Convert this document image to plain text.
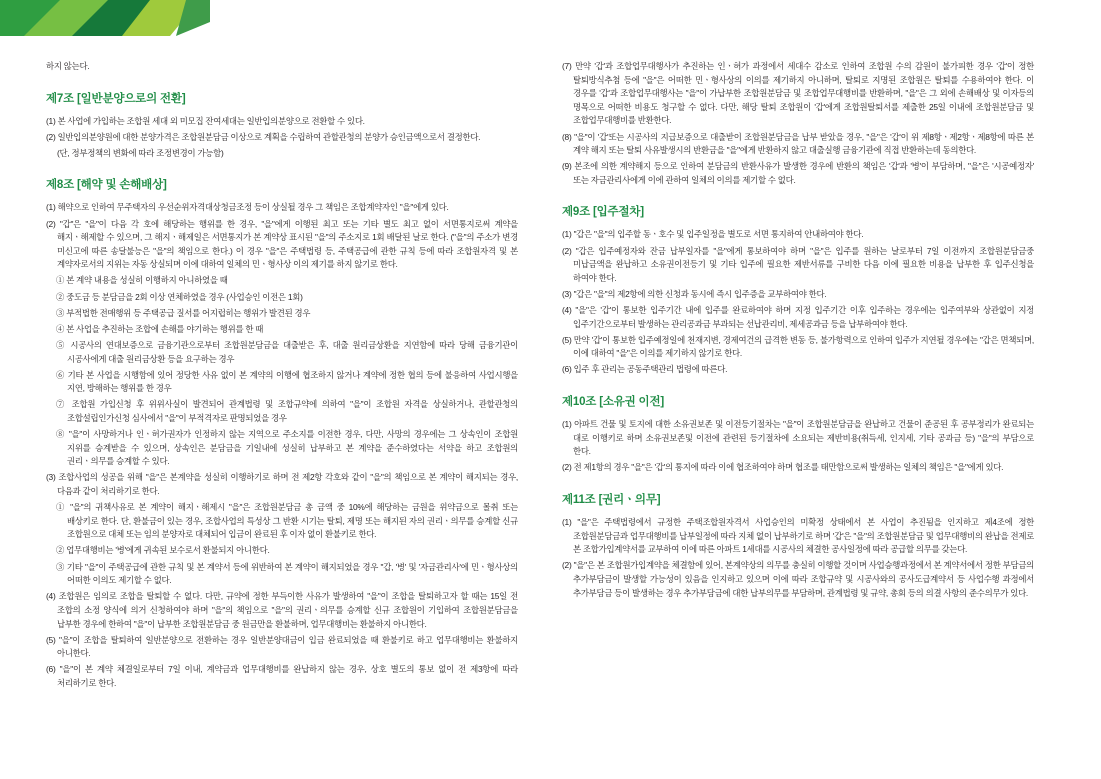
하지 않는다.

제7조 [일반분양으로의 전환]

(1) 본 사업에 가입하는 조합원 세대 외 미모집 잔여세대는 일반입의분양으로 전환할 수 있다.

(2) 일반입의분양원에 대한 분양가격은 조합원분담금 이상으로 계획을 수립하여 관할관청의 분양가 승인금액으로서 결정한다.

(단, 정부정책의 변화에 따라 조정변경이 가능함)

제8조 [해약 및 손해배상]

(1) 해약으로 인하여 무주택자의 우선순위자격대상청금조정 등이 상실될 경우 그 책임은 조합계약자인 "을"에게 있다.

(2) "갑"은 "을"이 다음 각 호에 해당하는 행위를 한 경우, "을"에게 이행된 최고 또는 기타 별도 최고 없이 서면통지로써 계약을 해지ㆍ해제할 수 있으며, 그 해지ㆍ해제일은 서면통지가 본 계약상 표시된 "을"의 주소지로 1회 배달된 날로 한다. ("을"의 주소가 변경 미신고에 따른 송달불능은 "을"의 책임으로 한다.) 이 경우 "을"은 주택법령 등, 주택공급에 관한 규칙 등에 따라 조합원자격 및 본 계약자로서의 지위는 자동 상실되며 이에 대하여 일체의 민ㆍ형사상 이의 제기를 하지 않기로 한다.

① 본 계약 내용을 성실히 이행하지 아니하였을 때

② 중도금 등 분담금을 2회 이상 연체하였을 경우 (사업승인 이전은 1회)

③ 부적법한 전매행위 등 주택공급 질서를 어지럽히는 행위가 발견된 경우

④ 본 사업을 추진하는 조합에 손해를 야기하는 행위를 한 때

⑤ 시공사의 연대보증으로 금융기관으로부터 조합원분담금을 대출받은 후, 대출 원리금상환을 지연함에 따라 당해 금융기관이 시공사에게 대출 원리금상환 등을 요구하는 경우

⑥ 기타 본 사업을 시행함에 있어 정당한 사유 없이 본 계약의 이행에 협조하지 않거나 계약에 정한 협의 등에 불응하여 사업시행을 지연, 방해하는 행위를 한 경우

⑦ 조합원 가입신청 후 위위사실이 발견되어 관계법령 및 조합규약에 의하여 "을"이 조합원 자격을 상실하거나, 관할관청의 조합설립인가신청 심사에서 "을"이 부적격자로 판명되었을 경우

⑧ "을"이 사망하거나 인ㆍ허가권자가 인정하지 않는 지역으로 주소지를 이전한 경우, 다만, 사망의 경우에는 그 상속인이 조합원 지위를 승계받을 수 있으며, 상속인은 분담금을 기일내에 성실히 납부하고 본 계약을 준수하였다는 서약을 하고 조합원의 권리ㆍ의무를 승계할 수 있다.

(3) 조합사업의 성공을 위해 "을"은 본계약을 성실히 이행하기로 하며 전 제2항 각호와 같이 "을"의 책임으로 본 계약이 해지되는 경우, 다음과 같이 처리하기로 한다.

① "을"의 귀책사유로 본 계약이 해지ㆍ해제시 "을"은 조합원분담금 총 금액 중 10%에 해당하는 금원을 위약금으로 몰취 또는 배상키로 한다. 단, 환불금이 있는 경우, 조합사업의 특성상 그 반환 시기는 탈퇴, 제명 또는 해지된 자의 권리ㆍ의무를 승계할 신규 조합원으로 대체 또는 임의 분양자로 대체되어 입금이 완료된 후 이자 없이 환불키로 한다.

② 업무대행비는 '병'에게 귀속된 보수로서 환불되지 아니한다.

③ 기타 "을"이 주택공급에 관한 규칙 및 본 계약서 등에 위반하여 본 계약이 해지되었을 경우 "갑, '병' 및 '자금관리사'에 민ㆍ형사상의 어떠한 이의도 제기할 수 없다.

(4) 조합원은 임의로 조합을 탈퇴할 수 없다. 다만, 규약에 정한 부득이한 사유가 발생하여 "을"이 조합을 탈퇴하고자 할 때는 15일 전 조합의 소정 양식에 의거 신청하여야 하며 "을"의 책임으로 "을"의 권리ㆍ의무를 승계할 신규 조합원이 기입하여 조합원분담금을 납부한 경우에 한하여 "을"이 납부한 조합원분담금 중 원금만을 환불하며, 업무대행비는 환불하지 아니한다.

(5) "을"이 조합을 탈퇴하여 일반분양으로 전환하는 경우 일반분양대금이 입금 완료되었을 때 환불키로 하고 업무대행비는 환불하지 아니한다.

(6) "을"이 본 계약 체결일로부터 7일 이내, 계약금과 업무대행비를 완납하지 않는 경우, 상호 별도의 통보 없이 전 제3항에 따라 처리하기로 한다.

(7) 만약 '갑'과 조합업무대행사가 추진하는 인ㆍ허가 과정에서 세대수 감소로 인하여 조합원 수의 감원이 불가피한 경우 '갑'이 정한 탈퇴방식추첨 등에 "을"은 어떠한 민ㆍ형사상의 이의를 제기하지 아니하며, 탈퇴로 지명된 조합원은 탈퇴를 수용하여야 한다. 이 경우를 '갑'과 조합업무대행사는 "을"이 가납부한 조합원분담금 및 조합업무대행비를 반환하며, "을"은 그 외에 손해배상 및 이자등의 명목으로 어떠한 비용도 청구할 수 없다. 다만, 해당 탈퇴 조합원이 '갑'에게 조합원탈퇴서를 제출한 25일 이내에 조합원분담금 및 조합업무대행비를 반환한다.

(8) "을"이 '갑'또는 시공사의 지급보증으로 대출받이 조합원분담금을 납부 받았을 경우, "을"은 '갑'이 위 제8항ㆍ제2항ㆍ제8항에 따른 본 계약 해지 또는 탈퇴 사유발생시의 반환금을 "을"에게 반환하지 않고 대출실행 금융기관에 직접 반환하는데 동의한다.

(9) 본조에 의한 계약해지 등으로 인하여 분담금의 반환사유가 발생한 경우에 반환의 책임은 '갑'과 '병'이 부담하며, "을"은 '시공예정자' 또는 자금관리사에게 이에 관하여 일체의 이의를 제기할 수 없다.

제9조 [입주절차]

(1) "갑은 "을"의 입주할 동ㆍ호수 및 입주일정을 별도로 서면 통지하여 안내하여야 한다.

(2) "갑은 입주예정자와 잔금 납부일자를 "을"에게 통보하여야 하며 "을"은 입주를 원하는 날로부터 7일 이전까지 조합원분담금중 미납금액을 완납하고 소유권이전등기 및 기타 입주에 필요한 제반서류를 구비한 다음 이에 필요한 비용을 납부한 후 입주신청을 하여야 한다.

(3) "갑은 "을"의 제2항에 의한 신청과 동시에 즉시 입주증을 교부하여야 한다.

(4) "을"은 '갑'이 통보한 입주기간 내에 입주를 완료하여야 하며 지정 입주기간 이후 입주하는 경우에는 입주여부와 상관없이 지정 입주기간으로부터 발생하는 관리공과금 부과되는 선납관리비, 제세공과금 등을 납부하여야 한다.

(5) 만약 '갑'이 통보한 입주예정일에 천재지변, 경제여건의 급격한 변동 등, 불가항력으로 인하여 입주가 지연될 경우에는 "갑은 면책되며, 이에 대하여 "을"은 이의를 제기하지 않기로 한다.

(6) 입주 후 관리는 공동주택관리 법령에 따른다.

제10조 [소유권 이전]

(1) 아파트 건물 및 토지에 대한 소유권보존 및 이전등기절차는 "을"이 조합원분담금을 완납하고 건물이 준공된 후 공부정리가 완료되는 대로 이행키로 하며 소유권보존및 이전에 관련된 등기절차에 소요되는 제반비용(취득세, 인지세, 기타 공과금 등) "을"의 부담으로 한다.

(2) 전 제1항의 경우 "을"은 '갑'의 통지에 따라 이에 협조하여야 하며 협조를 태만함으로써 발생하는 일체의 책임은 "을"에게 있다.

제11조 [권리ㆍ의무]

(1) "을"은 주택법령에서 규정한 주택조합원자격서 사업승인의 미확정 상태에서 본 사업이 추진됨을 인지하고 제4조에 정한 조합원분담금과 업무대행비를 납부일정에 따라 지체 없이 납부하기로 하며 '갑'은 "을"의 조합원분담금 및 업무대행비의 완납을 전제로 본 조합가입계약서를 교부하여 이에 따른 아파트 1세대를 시공사의 체결한 공사일정에 따라 공급할 의무를 갖는다.

(2) "을"은 본 조합원가입계약을 체결함에 있어, 본계약상의 의무를 충실히 이행할 것이며 사업승행과정에서 본 계약서에서 정한 부담금의 추가부담금이 발생할 가능성이 있음을 인지하고 있으며 이에 따라 조합규약 및 시공사와의 공사도급계약서 등 사업수행 과정에서 추가부담금 등이 발생하는 경우 추가부담금에 대한 납부의무를 부담하며, 관계법령 및 규약, 총회 등의 의결 사항의 준수의무가 있다.
